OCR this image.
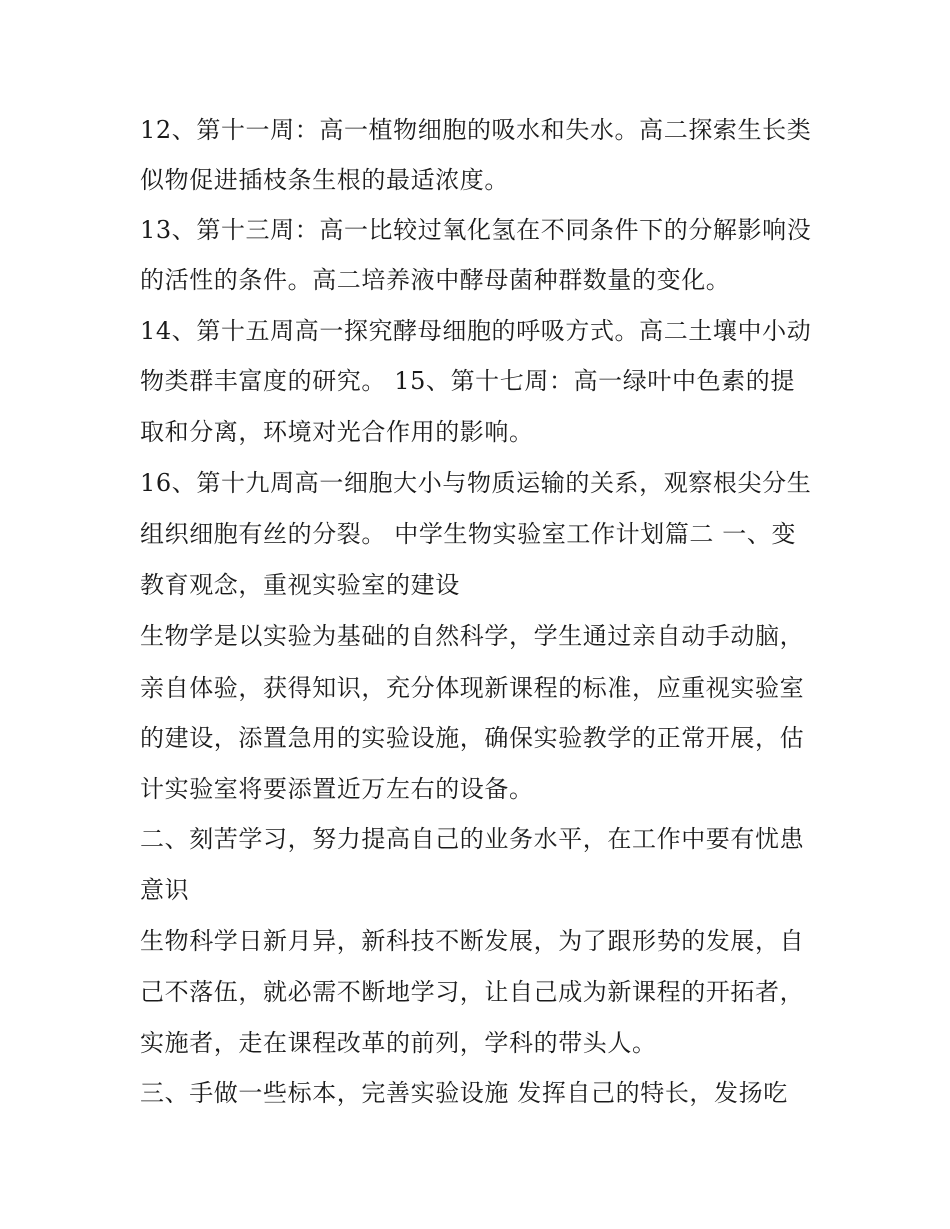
12、第十一周：高一植物细胞的吸水和失水。高二探索生长类
似物促进插枝条生根的最适浓度。
13、第十三周：高一比较过氧化氢在不同条件下的分解影响没
的活性的条件。高二培养液中酵母菌种群数量的变化。
14、第十五周高一探究酵母细胞的呼吸方式。高二土壤中小动
物类群丰富度的研究。 15、第十七周：高一绿叶中色素的提
取和分离，环境对光合作用的影响。
16、第十九周高一细胞大小与物质运输的关系，观察根尖分生
组织细胞有丝的分裂。 中学生物实验室工作计划篇二 一、变
教育观念，重视实验室的建设
生物学是以实验为基础的自然科学，学生通过亲自动手动脑，
亲自体验，获得知识，充分体现新课程的标准，应重视实验室
的建设，添置急用的实验设施，确保实验教学的正常开展，估
计实验室将要添置近万左右的设备。
二、刻苦学习，努力提高自己的业务水平，在工作中要有忧患
意识
生物科学日新月异，新科技不断发展，为了跟形势的发展，自
己不落伍，就必需不断地学习，让自己成为新课程的开拓者，
实施者，走在课程改革的前列，学科的带头人。
三、手做一些标本，完善实验设施 发挥自己的特长，发扬吃
